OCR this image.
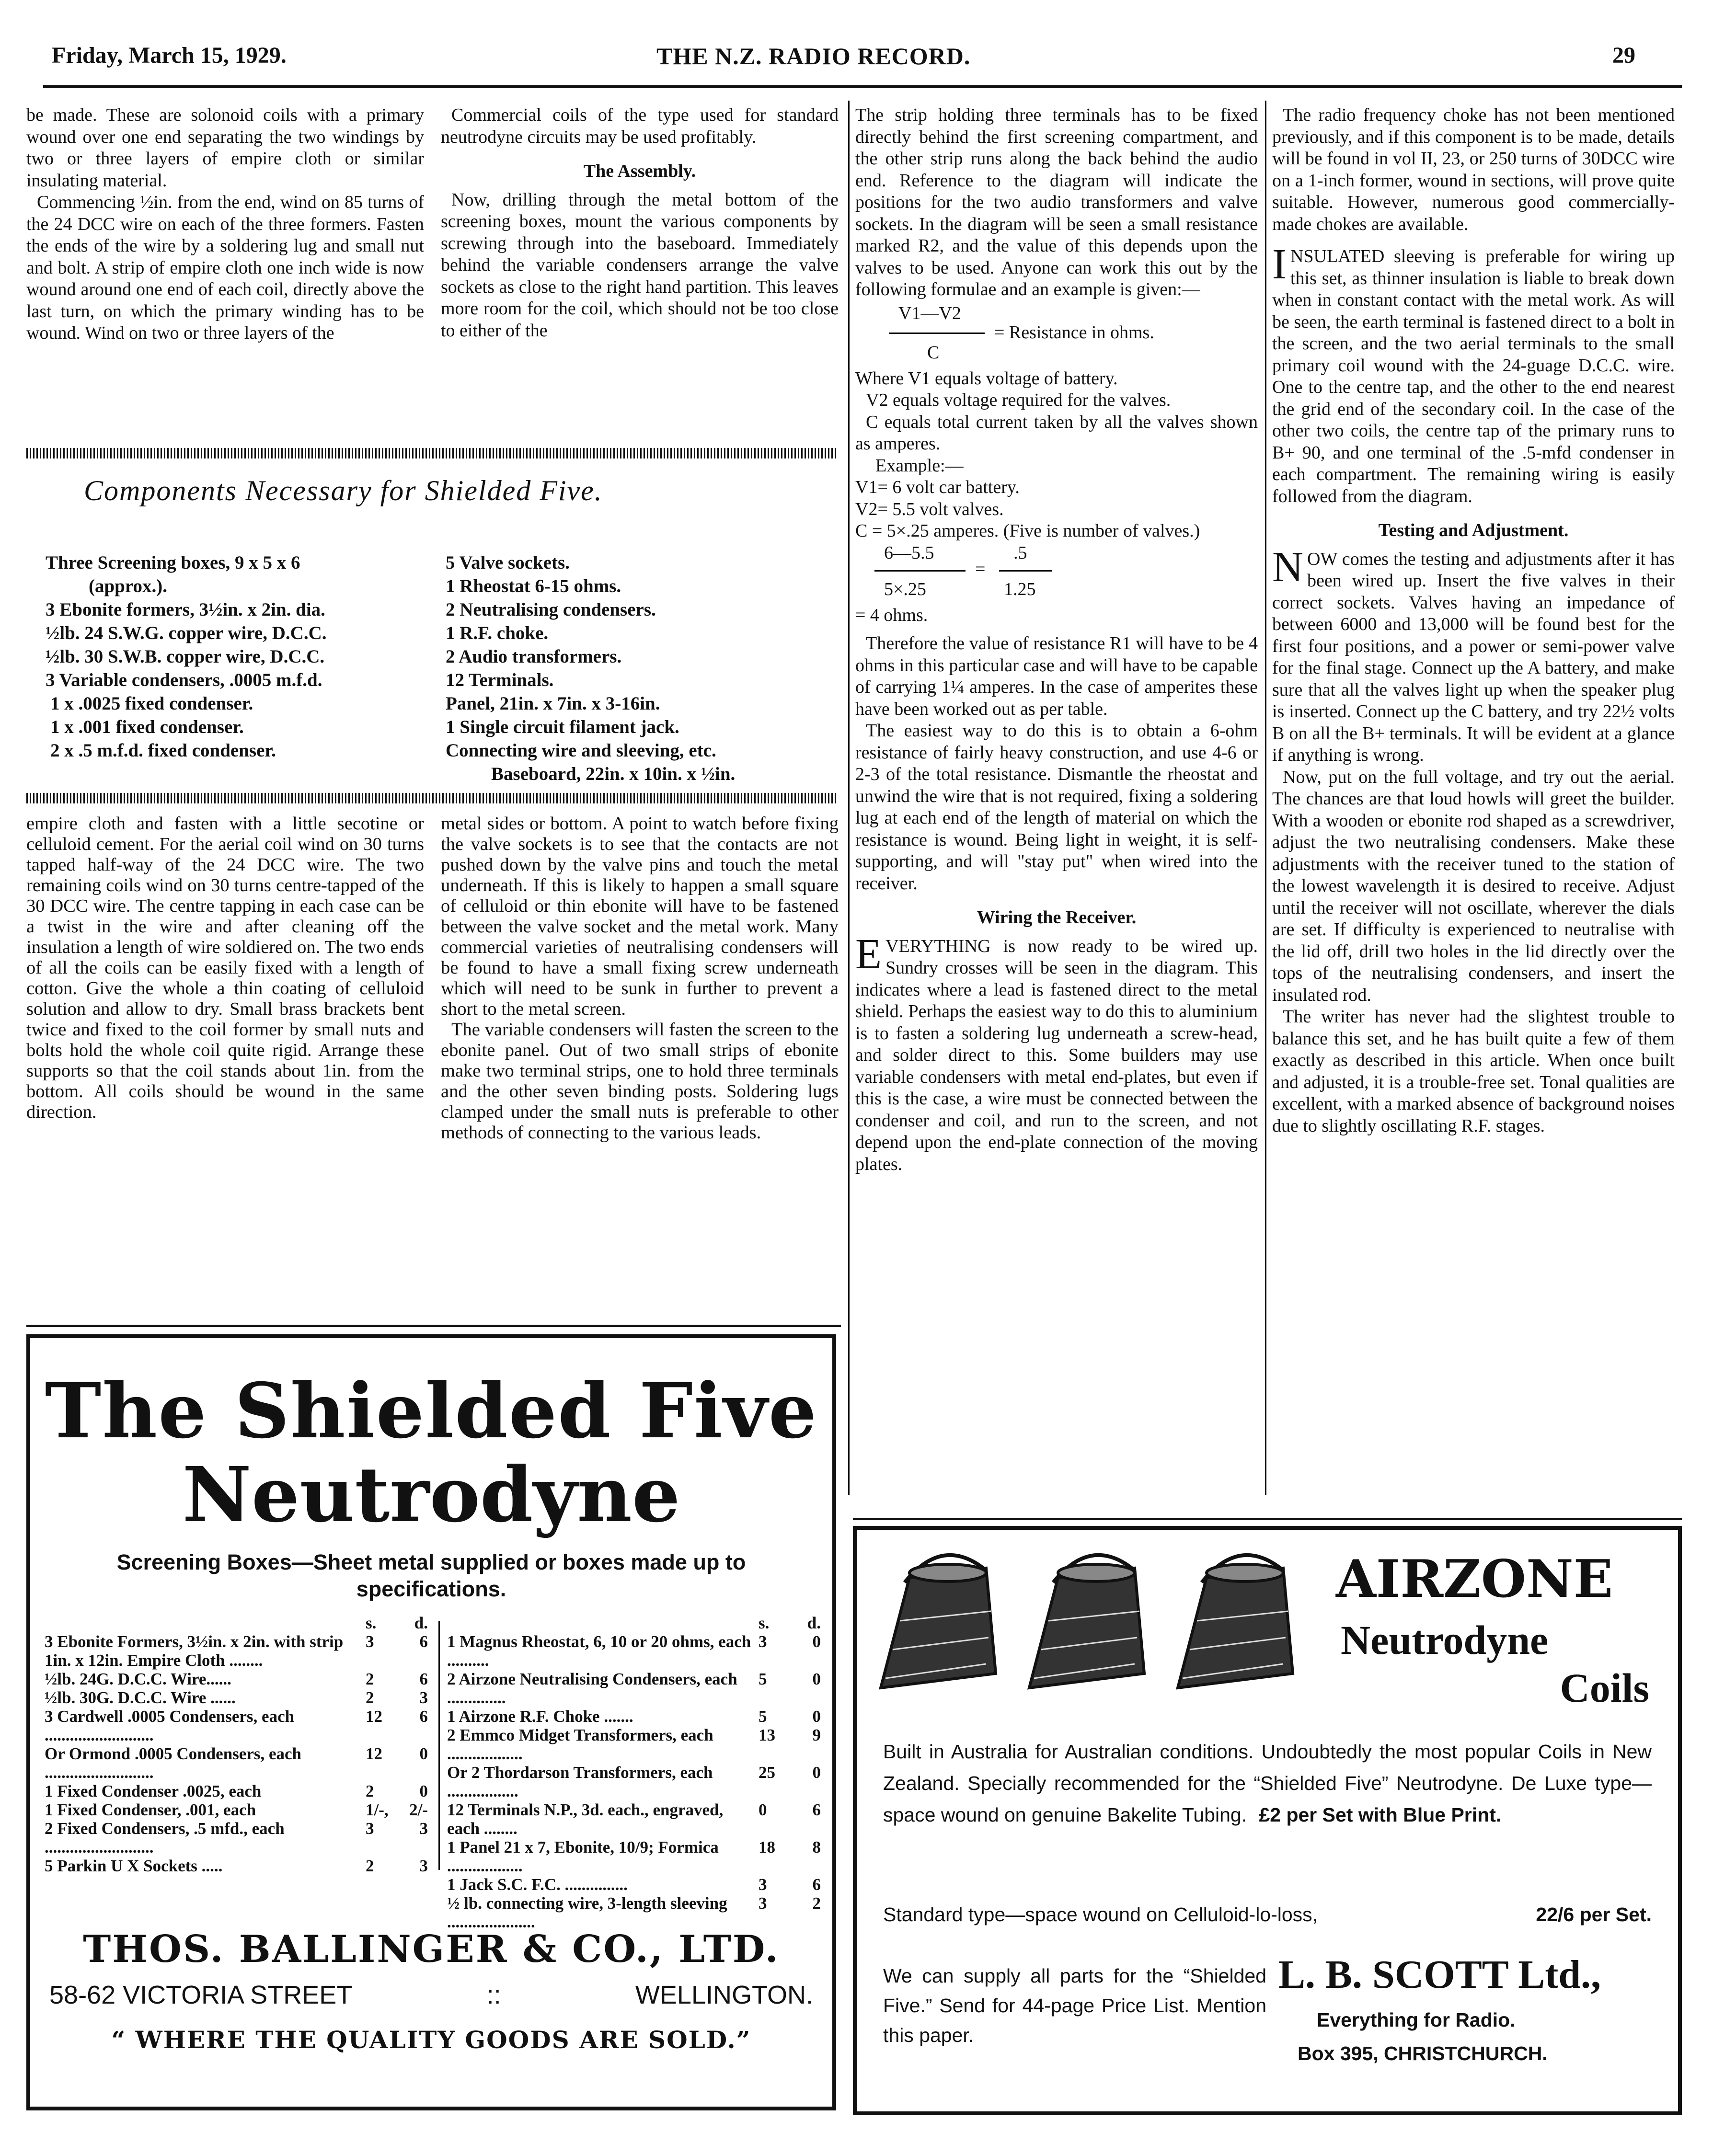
Friday, March 15, 1929.	THE N.Z. RADIO RECORD.	29

be made. These are solonoid coils with a primary wound over one end separating the two windings by two or three layers of empire cloth or similar insulating material.

Commencing ½in. from the end, wind on 85 turns of the 24 DCC wire on each of the three formers. Fasten the ends of the wire by a soldering lug and small nut and bolt. A strip of empire cloth one inch wide is now wound around one end of each coil, directly above the last turn, on which the primary winding has to be wound. Wind on two or three layers of the

Commercial coils of the type used for standard neutrodyne circuits may be used profitably.

The Assembly.

Now, drilling through the metal bottom of the screening boxes, mount the various components by screwing through into the baseboard. Immediately behind the variable condensers arrange the valve sockets as close to the right hand partition. This leaves more room for the coil, which should not be too close to either of the

Components Necessary for Shielded Five.
Three Screening boxes, 9 x 5 x 6
(approx.).
3 Ebonite formers, 3½in. x 2in. dia.
½lb. 24 S.W.G. copper wire, D.C.C.
½lb. 30 S.W.B. copper wire, D.C.C.
3 Variable condensers, .0005 m.f.d.
1 x .0025 fixed condenser.
1 x .001 fixed condenser.
2 x .5 m.f.d. fixed condenser.
5 Valve sockets.
1 Rheostat 6-15 ohms.
2 Neutralising condensers.
1 R.F. choke.
2 Audio transformers.
12 Terminals.
Panel, 21in. x 7in. x 3-16in.
1 Single circuit filament jack.
Connecting wire and sleeving, etc.
Baseboard, 22in. x 10in. x ½in.

empire cloth and fasten with a little secotine or celluloid cement. For the aerial coil wind on 30 turns tapped half-way of the 24 DCC wire. The two remaining coils wind on 30 turns centre-tapped of the 30 DCC wire. The centre tapping in each case can be a twist in the wire and after cleaning off the insulation a length of wire soldiered on. The two ends of all the coils can be easily fixed with a length of cotton. Give the whole a thin coating of celluloid solution and allow to dry. Small brass brackets bent twice and fixed to the coil former by small nuts and bolts hold the whole coil quite rigid. Arrange these supports so that the coil stands about 1in. from the bottom. All coils should be wound in the same direction.

metal sides or bottom. A point to watch before fixing the valve sockets is to see that the contacts are not pushed down by the valve pins and touch the metal underneath. If this is likely to happen a small square of celluloid or thin ebonite will have to be fastened between the valve socket and the metal work. Many commercial varieties of neutralising condensers will be found to have a small fixing screw underneath which will need to be sunk in further to prevent a short to the metal screen.

The variable condensers will fasten the screen to the ebonite panel. Out of two small strips of ebonite make two terminal strips, one to hold three terminals and the other seven binding posts. Soldering lugs clamped under the small nuts is preferable to other methods of connecting to the various leads.

The strip holding three terminals has to be fixed directly behind the first screening compartment, and the other strip runs along the back behind the audio end. Reference to the diagram will indicate the positions for the two audio transformers and valve sockets. In the diagram will be seen a small resistance marked R2, and the value of this depends upon the valves to be used. Anyone can work this out by the following formulae and an example is given:—

V1—V2
= Resistance in ohms.
C

Where V1 equals voltage of battery.

V2 equals voltage required for the valves.

C equals total current taken by all the valves shown as amperes.

Example:—

V1= 6 volt car battery.

V2= 5.5 volt valves.

C = 5×.25 amperes. (Five is number of valves.)

6—5.5	.5
=
5×.25	1.25

= 4 ohms.

Therefore the value of resistance R1 will have to be 4 ohms in this particular case and will have to be capable of carrying 1¼ amperes. In the case of amperites these have been worked out as per table.

The easiest way to do this is to obtain a 6-ohm resistance of fairly heavy construction, and use 4-6 or 2-3 of the total resistance. Dismantle the rheostat and unwind the wire that is not required, fixing a soldering lug at each end of the length of material on which the resistance is wound. Being light in weight, it is self-supporting, and will "stay put" when wired into the receiver.

Wiring the Receiver.

EVERYTHING is now ready to be wired up. Sundry crosses will be seen in the diagram. This indicates where a lead is fastened direct to the metal shield. Perhaps the easiest way to do this to aluminium is to fasten a soldering lug underneath a screw-head, and solder direct to this. Some builders may use variable condensers with metal end-plates, but even if this is the case, a wire must be connected between the condenser and coil, and run to the screen, and not depend upon the end-plate connection of the moving plates.

The radio frequency choke has not been mentioned previously, and if this component is to be made, details will be found in vol II, 23, or 250 turns of 30DCC wire on a 1-inch former, wound in sections, will prove quite suitable. However, numerous good commercially-made chokes are available.

INSULATED sleeving is preferable for wiring up this set, as thinner insulation is liable to break down when in constant contact with the metal work. As will be seen, the earth terminal is fastened direct to a bolt in the screen, and the two aerial terminals to the small primary coil wound with the 24-guage D.C.C. wire. One to the centre tap, and the other to the end nearest the grid end of the secondary coil. In the case of the other two coils, the centre tap of the primary runs to B+ 90, and one terminal of the .5-mfd condenser in each compartment. The remaining wiring is easily followed from the diagram.

Testing and Adjustment.

NOW comes the testing and adjustments after it has been wired up. Insert the five valves in their correct sockets. Valves having an impedance of between 6000 and 13,000 will be found best for the first four positions, and a power or semi-power valve for the final stage. Connect up the A battery, and make sure that all the valves light up when the speaker plug is inserted. Connect up the C battery, and try 22½ volts B on all the B+ terminals. It will be evident at a glance if anything is wrong.

Now, put on the full voltage, and try out the aerial. The chances are that loud howls will greet the builder. With a wooden or ebonite rod shaped as a screwdriver, adjust the two neutralising condensers. Make these adjustments with the receiver tuned to the station of the lowest wavelength it is desired to receive. Adjust until the receiver will not oscillate, wherever the dials are set. If difficulty is experienced to neutralise with the lid off, drill two holes in the lid directly over the tops of the neutralising condensers, and insert the insulated rod.

The writer has never had the slightest trouble to balance this set, and he has built quite a few of them exactly as described in this article. When once built and adjusted, it is a trouble-free set. Tonal qualities are excellent, with a marked absence of background noises due to slightly oscillating R.F. stages.

The Shielded Five
Neutrodyne
Screening Boxes—Sheet metal supplied or boxes made up to specifications.
s. d.
3 Ebonite Formers, 3½in. x 2in. with strip 1in. x 12in. Empire Cloth ........
3	6
½lb. 24G. D.C.C. Wire......	2	6
½lb. 30G. D.C.C. Wire ......	2	3
3 Cardwell .0005 Condensers, each ..........................
12 6
Or Ormond .0005 Condensers, each ..........................
12 0
1 Fixed Condenser .0025, each	2	0
1 Fixed Condenser, .001, each	1/-, 2/-
2 Fixed Condensers, .5 mfd., each ..........................
3	3
5 Parkin U X Sockets .....	2	3
s. d.
1 Magnus Rheostat, 6, 10 or 20 ohms, each ..........
3	0
2 Airzone Neutralising Condensers, each ..............
5	0
1 Airzone R.F. Choke .......	5	0
2 Emmco Midget Transformers, each ..................
13 9
Or 2 Thordarson Transformers, each .................
25 0
12 Terminals N.P., 3d. each., engraved, each ........
0	6
1 Panel 21 x 7, Ebonite, 10/9; Formica ..................
18 8
1 Jack S.C. F.C. ...............	3	6
½ lb. connecting wire, 3-length sleeving .....................
3	2
THOS. BALLINGER & CO., LTD.
58-62 VICTORIA STREET	::	WELLINGTON.
“ WHERE THE QUALITY GOODS ARE SOLD.”
AIRZONE
Neutrodyne
Coils
Built in Australia for Australian conditions. Undoubtedly the most popular Coils in New Zealand. Specially recommended for the “Shielded Five” Neutrodyne. De Luxe type—space wound on genuine Bakelite Tubing. £2 per Set with Blue Print.
Standard type—space wound on Celluloid-lo-loss,	22/6 per Set.
We can supply all parts for the “Shielded Five.” Send for 44-page Price List. Mention this paper.
L. B. SCOTT Ltd.,
Everything for Radio.
Box 395, CHRISTCHURCH.
